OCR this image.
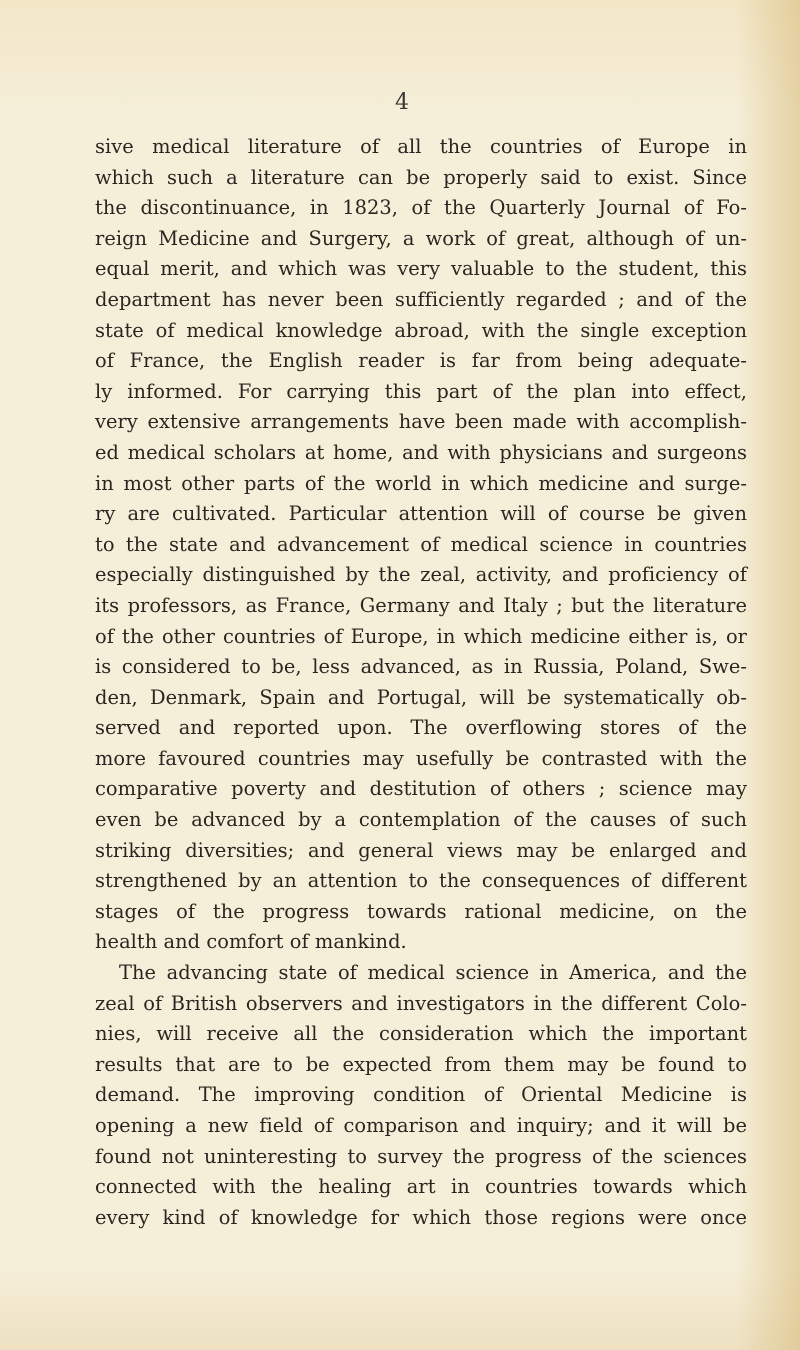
4
sive medical literature of all the countries of Europe in
which such a literature can be properly said to exist. Since
the discontinuance, in 1823, of the Quarterly Journal of Fo-
reign Medicine and Surgery, a work of great, although of un-
equal merit, and which was very valuable to the student, this
department has never been sufficiently regarded ; and of the
state of medical knowledge abroad, with the single exception
of France, the English reader is far from being adequate-
ly informed. For carrying this part of the plan into effect,
very extensive arrangements have been made with accomplish-
ed medical scholars at home, and with physicians and surgeons
in most other parts of the world in which medicine and surge-
ry are cultivated. Particular attention will of course be given
to the state and advancement of medical science in countries
especially distinguished by the zeal, activity, and proficiency of
its professors, as France, Germany and Italy ; but the literature
of the other countries of Europe, in which medicine either is, or
is considered to be, less advanced, as in Russia, Poland, Swe-
den, Denmark, Spain and Portugal, will be systematically ob-
served and reported upon. The overflowing stores of the
more favoured countries may usefully be contrasted with the
comparative poverty and destitution of others ; science may
even be advanced by a contemplation of the causes of such
striking diversities; and general views may be enlarged and
strengthened by an attention to the consequences of different
stages of the progress towards rational medicine, on the
health and comfort of mankind.
The advancing state of medical science in America, and the
zeal of British observers and investigators in the different Colo-
nies, will receive all the consideration which the important
results that are to be expected from them may be found to
demand. The improving condition of Oriental Medicine is
opening a new field of comparison and inquiry; and it will be
found not uninteresting to survey the progress of the sciences
connected with the healing art in countries towards which
every kind of knowledge for which those regions were once
